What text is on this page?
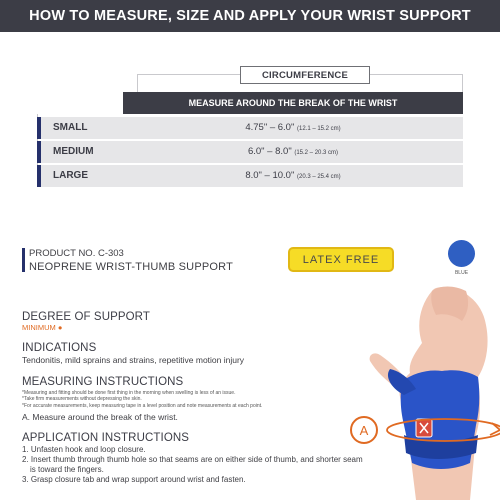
HOW TO MEASURE, SIZE AND APPLY YOUR WRIST SUPPORT
CIRCUMFERENCE
MEASURE AROUND THE BREAK OF THE WRIST
SMALL	4.75" – 6.0" (12.1 – 15.2 cm)
MEDIUM	6.0" – 8.0" (15.2 – 20.3 cm)
LARGE	8.0" – 10.0" (20.3 – 25.4 cm)
PRODUCT NO. C-303
NEOPRENE WRIST-THUMB SUPPORT
LATEX FREE
BLUE
DEGREE OF SUPPORT
MINIMUM ●
INDICATIONS
Tendonitis, mild sprains and strains, repetitive motion injury
MEASURING INSTRUCTIONS
*Measuring and fitting should be done first thing in the morning when swelling is less of an issue.
*Take firm measurements without depressing the skin.
*For accurate measurements, keep measuring tape in a level position and note measurements at each point.
A. Measure around the break of the wrist.
APPLICATION INSTRUCTIONS
1. Unfasten hook and loop closure.
2. Insert thumb through thumb hole so that seams are on either side of thumb, and shorter seam
is toward the fingers.
3. Grasp closure tab and wrap support around wrist and fasten.
A
